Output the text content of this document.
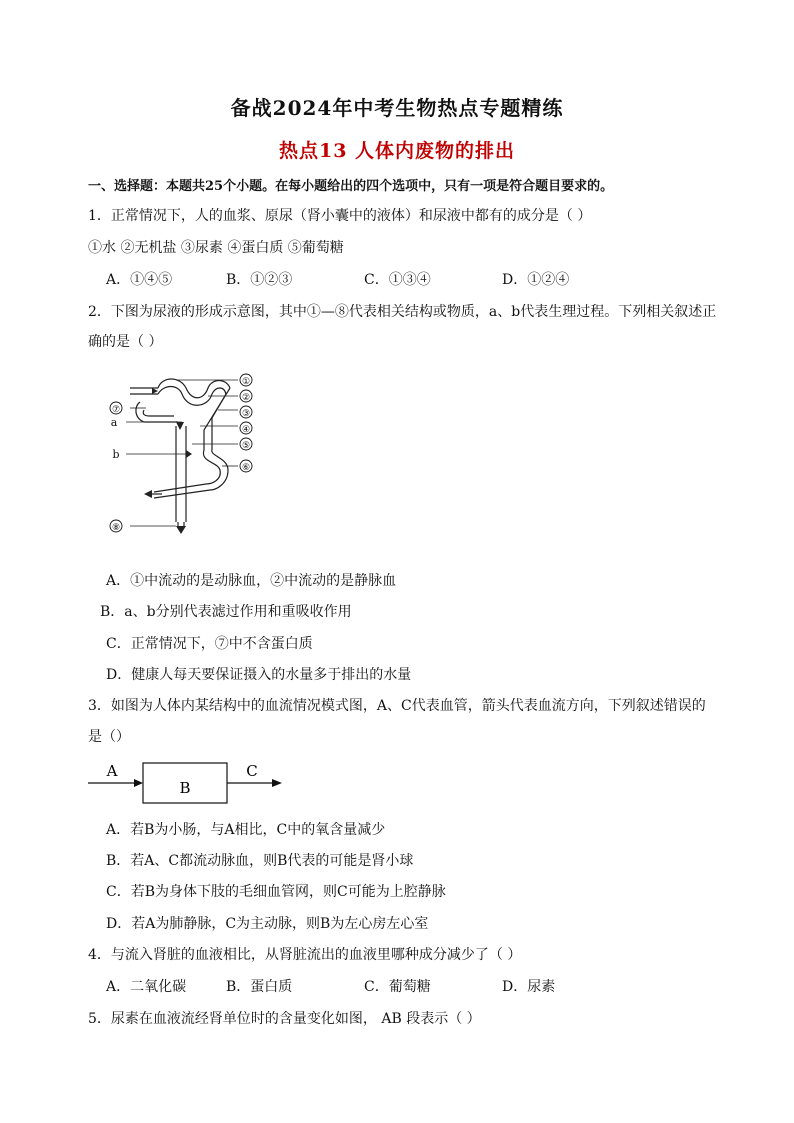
备战2024年中考生物热点专题精练
热点13 人体内废物的排出
一、选择题：本题共25个小题。在每小题给出的四个选项中，只有一项是符合题目要求的。
1．正常情况下，人的血浆、原尿（肾小囊中的液体）和尿液中都有的成分是（ ）
①水 ②无机盐 ③尿素 ④蛋白质 ⑤葡萄糖
A．①④⑤	B．①②③	C．①③④	D．①②④
2．下图为尿液的形成示意图，其中①—⑧代表相关结构或物质，a、b代表生理过程。下列相关叙述正
确的是（ ）
①
②
③
④
⑤
⑥
⑦
⑧
a
b
A．①中流动的是动脉血，②中流动的是静脉血
B．a、b分别代表滤过作用和重吸收作用
C．正常情况下，⑦中不含蛋白质
D．健康人每天要保证摄入的水量多于排出的水量
3．如图为人体内某结构中的血流情况模式图，A、C代表血管，箭头代表血流方向，下列叙述错误的
是（）
A
B
C
A．若B为小肠，与A相比，C中的氧含量减少
B．若A、C都流动脉血，则B代表的可能是肾小球
C．若B为身体下肢的毛细血管网，则C可能为上腔静脉
D．若A为肺静脉，C为主动脉，则B为左心房左心室
4．与流入肾脏的血液相比，从肾脏流出的血液里哪种成分减少了（ ）
A．二氧化碳	B．蛋白质	C．葡萄糖	D．尿素
5．尿素在血液流经肾单位时的含量变化如图， AB 段表示（ ）
